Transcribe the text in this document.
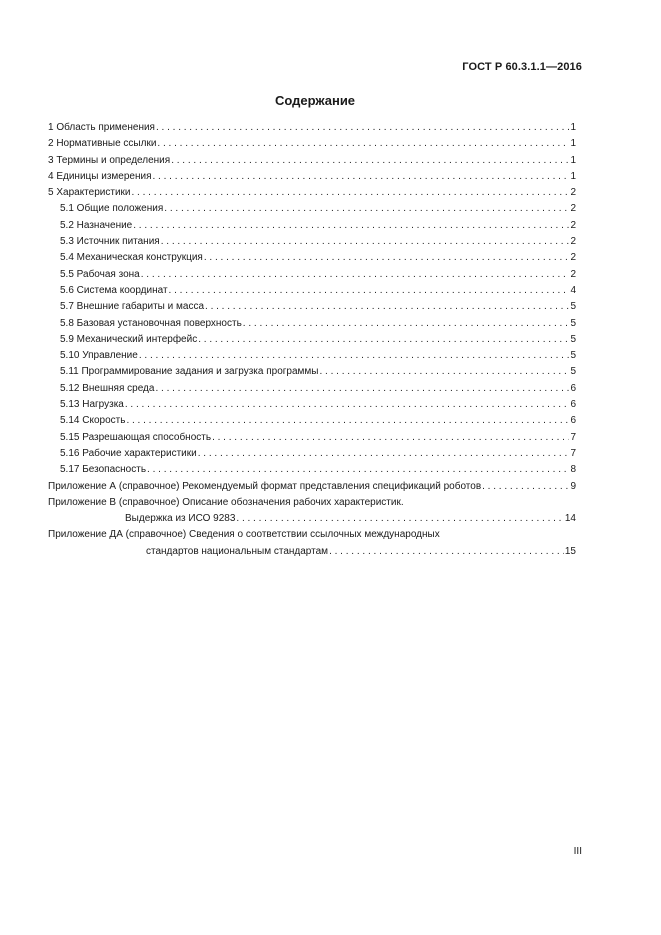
ГОСТ Р 60.3.1.1—2016
Содержание
1 Область применения . . .	1
2 Нормативные ссылки . . .	1
3 Термины и определения . . .	1
4 Единицы измерения . . .	1
5 Характеристики . . .	2
5.1 Общие положения . . .	2
5.2 Назначение . . .	2
5.3 Источник питания . . .	2
5.4 Механическая конструкция . . .	2
5.5 Рабочая зона . . .	2
5.6 Система координат . . .	4
5.7 Внешние габариты и масса . . .	5
5.8 Базовая установочная поверхность . . .	5
5.9 Механический интерфейс . . .	5
5.10 Управление . . .	5
5.11 Программирование задания и загрузка программы . . .	5
5.12 Внешняя среда . . .	6
5.13 Нагрузка . . .	6
5.14 Скорость . . .	6
5.15 Разрешающая способность . . .	7
5.16 Рабочие характеристики . . .	7
5.17 Безопасность . . .	8
Приложение А (справочное) Рекомендуемый формат представления спецификаций роботов . . .	9
Приложение В (справочное) Описание обозначения рабочих характеристик.
Выдержка из ИСО 9283 . . .	14
Приложение ДА (справочное) Сведения о соответствии ссылочных международных
стандартов национальным стандартам . . .	15
III
